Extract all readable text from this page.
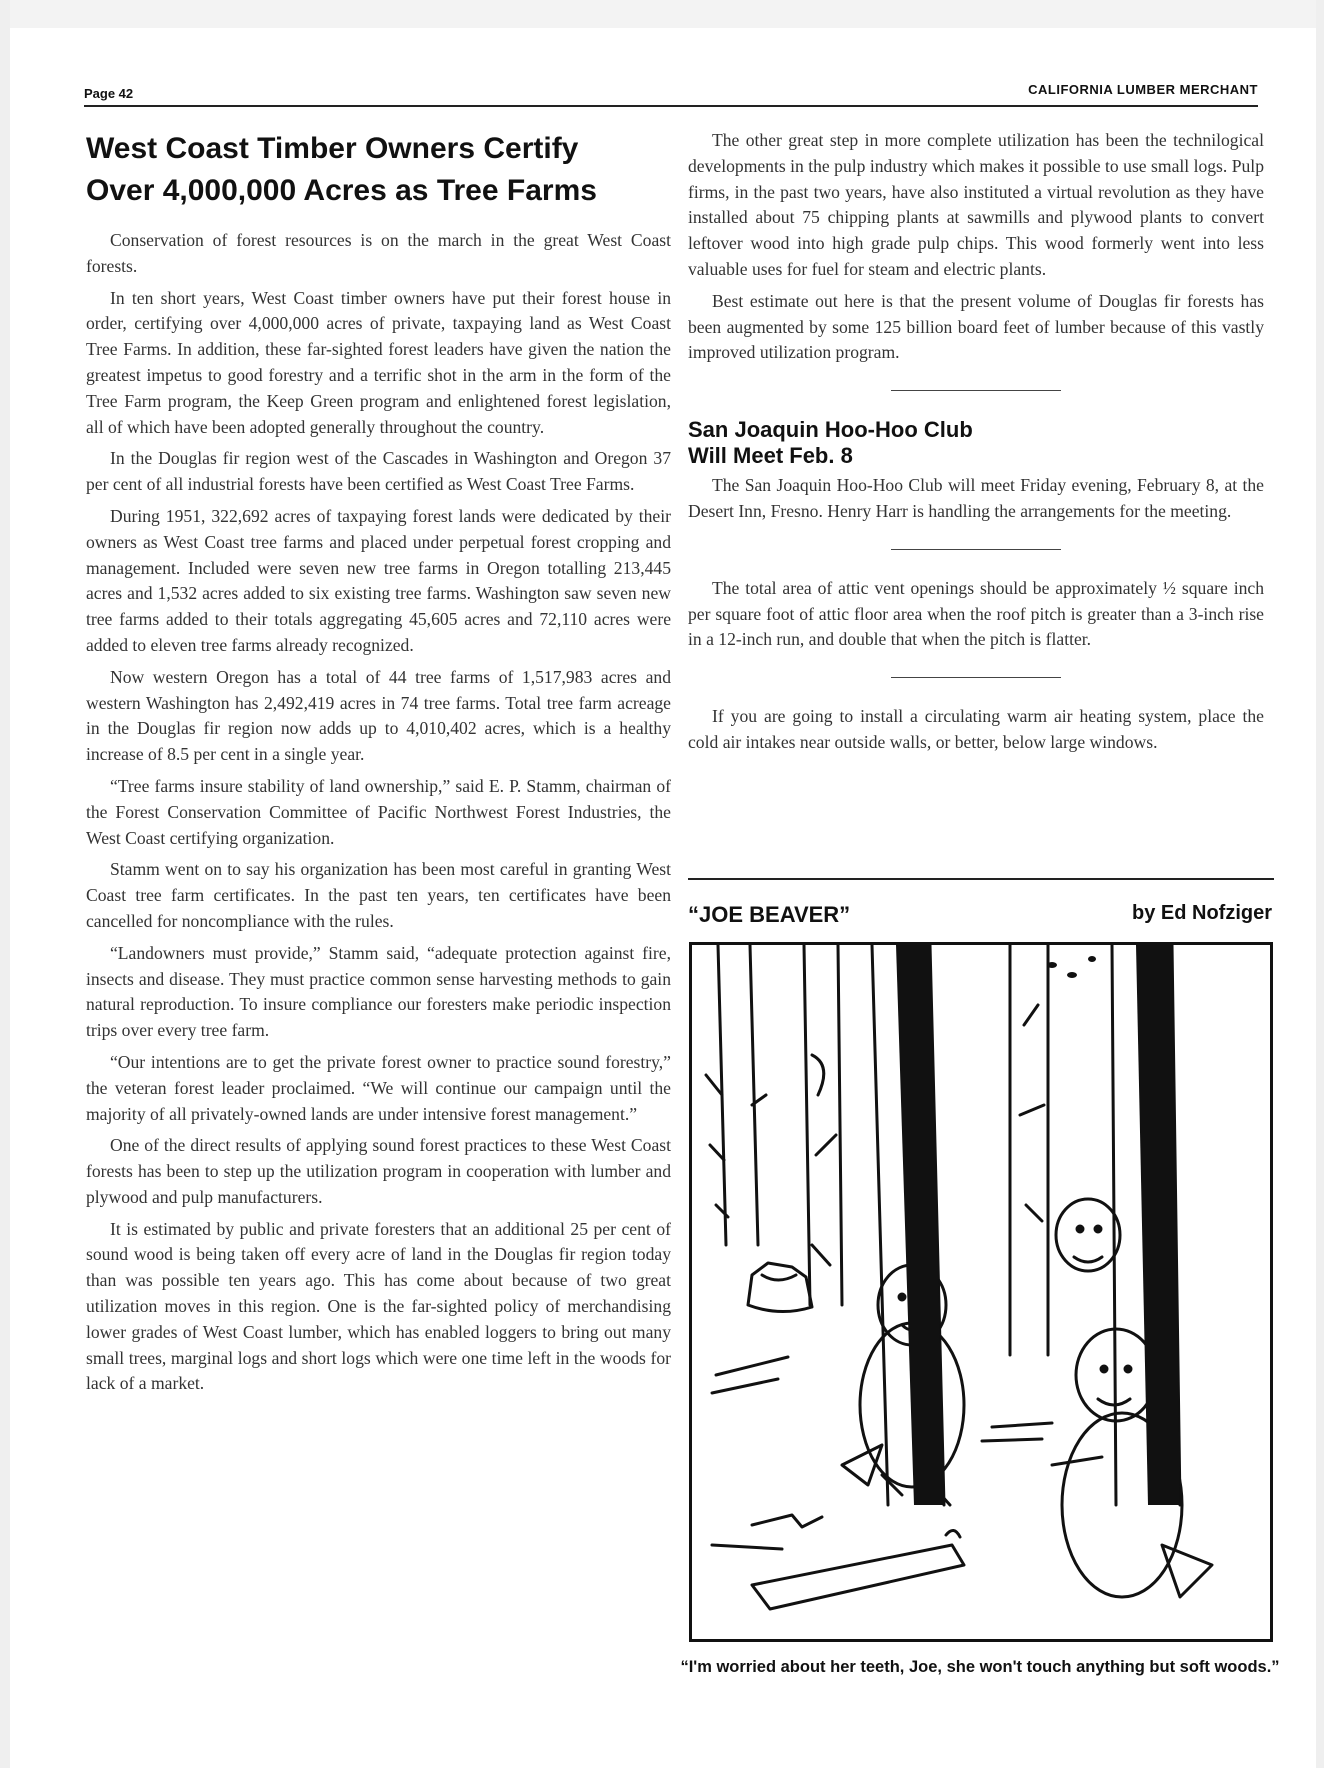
Page 42	CALIFORNIA LUMBER MERCHANT
West Coast Timber Owners Certify
Over 4,000,000 Acres as Tree Farms

Conservation of forest resources is on the march in the great West Coast forests.

In ten short years, West Coast timber owners have put their forest house in order, certifying over 4,000,000 acres of private, taxpaying land as West Coast Tree Farms. In addition, these far-sighted forest leaders have given the nation the greatest impetus to good forestry and a terrific shot in the arm in the form of the Tree Farm program, the Keep Green program and enlightened forest legislation, all of which have been adopted generally throughout the country.

In the Douglas fir region west of the Cascades in Washington and Oregon 37 per cent of all industrial forests have been certified as West Coast Tree Farms.

During 1951, 322,692 acres of taxpaying forest lands were dedicated by their owners as West Coast tree farms and placed under perpetual forest cropping and management. Included were seven new tree farms in Oregon totalling 213,445 acres and 1,532 acres added to six existing tree farms. Washington saw seven new tree farms added to their totals aggregating 45,605 acres and 72,110 acres were added to eleven tree farms already recognized.

Now western Oregon has a total of 44 tree farms of 1,517,983 acres and western Washington has 2,492,419 acres in 74 tree farms. Total tree farm acreage in the Douglas fir region now adds up to 4,010,402 acres, which is a healthy increase of 8.5 per cent in a single year.

“Tree farms insure stability of land ownership,” said E. P. Stamm, chairman of the Forest Conservation Committee of Pacific Northwest Forest Industries, the West Coast certifying organization.

Stamm went on to say his organization has been most careful in granting West Coast tree farm certificates. In the past ten years, ten certificates have been cancelled for noncompliance with the rules.

“Landowners must provide,” Stamm said, “adequate protection against fire, insects and disease. They must practice common sense harvesting methods to gain natural reproduction. To insure compliance our foresters make periodic inspection trips over every tree farm.

“Our intentions are to get the private forest owner to practice sound forestry,” the veteran forest leader proclaimed. “We will continue our campaign until the majority of all privately-owned lands are under intensive forest management.”

One of the direct results of applying sound forest practices to these West Coast forests has been to step up the utilization program in cooperation with lumber and plywood and pulp manufacturers.

It is estimated by public and private foresters that an additional 25 per cent of sound wood is being taken off every acre of land in the Douglas fir region today than was possible ten years ago. This has come about because of two great utilization moves in this region. One is the far-sighted policy of merchandising lower grades of West Coast lumber, which has enabled loggers to bring out many small trees, marginal logs and short logs which were one time left in the woods for lack of a market.

The other great step in more complete utilization has been the technilogical developments in the pulp industry which makes it possible to use small logs. Pulp firms, in the past two years, have also instituted a virtual revolution as they have installed about 75 chipping plants at sawmills and plywood plants to convert leftover wood into high grade pulp chips. This wood formerly went into less valuable uses for fuel for steam and electric plants.

Best estimate out here is that the present volume of Douglas fir forests has been augmented by some 125 billion board feet of lumber because of this vastly improved utilization program.

San Joaquin Hoo-Hoo Club
Will Meet Feb. 8

The San Joaquin Hoo-Hoo Club will meet Friday evening, February 8, at the Desert Inn, Fresno. Henry Harr is handling the arrangements for the meeting.

The total area of attic vent openings should be approximately ½ square inch per square foot of attic floor area when the roof pitch is greater than a 3-inch rise in a 12-inch run, and double that when the pitch is flatter.

If you are going to install a circulating warm air heating system, place the cold air intakes near outside walls, or better, below large windows.

“JOE BEAVER”	by Ed Nofziger
“I'm worried about her teeth, Joe, she won't touch anything but soft woods.”
